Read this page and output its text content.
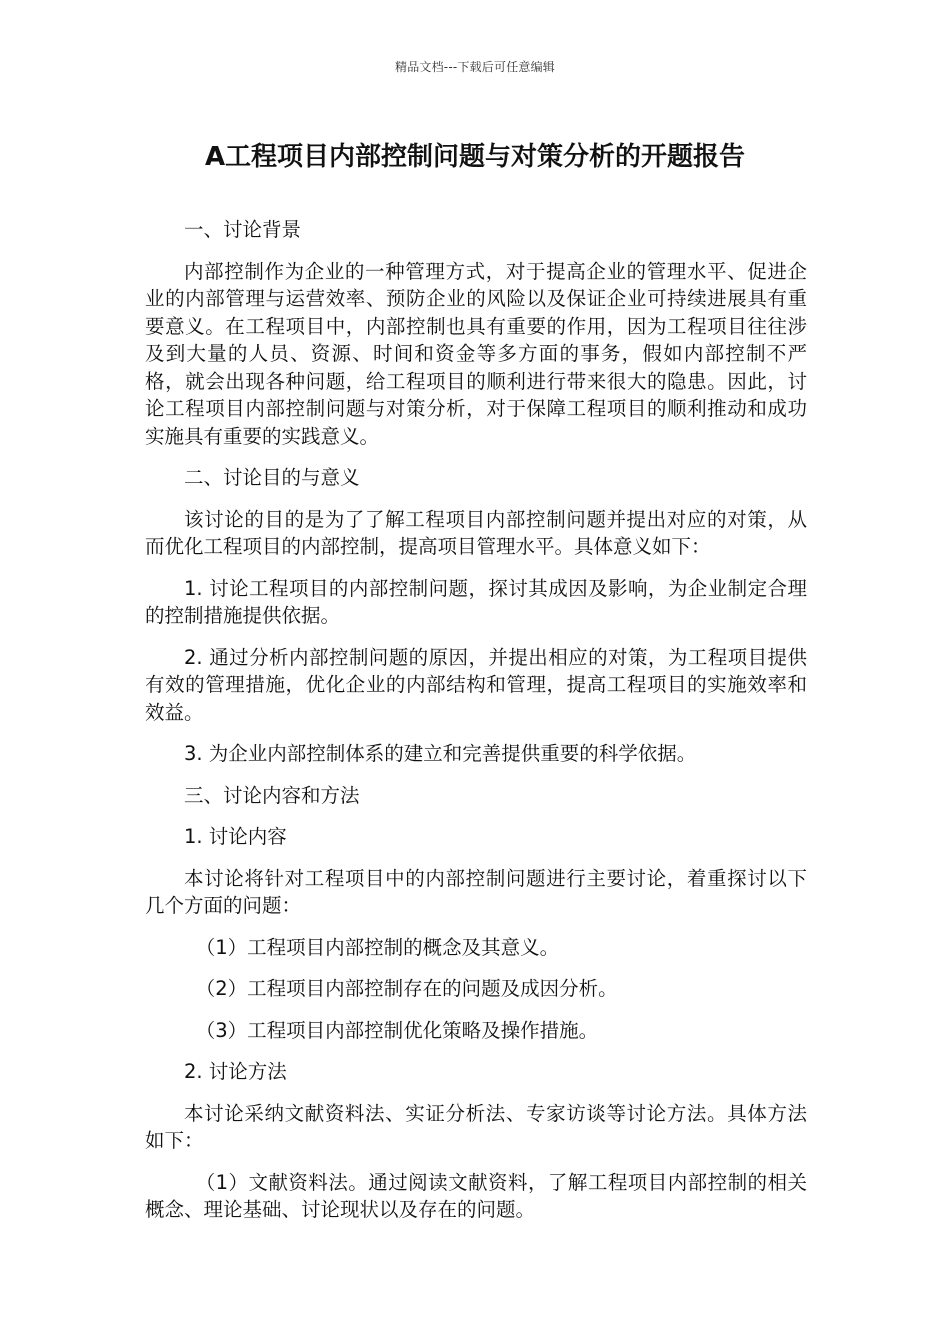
精品文档---下载后可任意编辑
A工程项目内部控制问题与对策分析的开题报告

一、讨论背景

内部控制作为企业的一种管理方式，对于提高企业的管理水平、促进企业的内部管理与运营效率、预防企业的风险以及保证企业可持续进展具有重要意义。在工程项目中，内部控制也具有重要的作用，因为工程项目往往涉及到大量的人员、资源、时间和资金等多方面的事务，假如内部控制不严格，就会出现各种问题，给工程项目的顺利进行带来很大的隐患。因此，讨论工程项目内部控制问题与对策分析，对于保障工程项目的顺利推动和成功实施具有重要的实践意义。

二、讨论目的与意义

该讨论的目的是为了了解工程项目内部控制问题并提出对应的对策，从而优化工程项目的内部控制，提高项目管理水平。具体意义如下：

1. 讨论工程项目的内部控制问题，探讨其成因及影响，为企业制定合理的控制措施提供依据。

2. 通过分析内部控制问题的原因，并提出相应的对策，为工程项目提供有效的管理措施，优化企业的内部结构和管理，提高工程项目的实施效率和效益。

3. 为企业内部控制体系的建立和完善提供重要的科学依据。

三、讨论内容和方法

1. 讨论内容

本讨论将针对工程项目中的内部控制问题进行主要讨论，着重探讨以下几个方面的问题：

（1）工程项目内部控制的概念及其意义。

（2）工程项目内部控制存在的问题及成因分析。

（3）工程项目内部控制优化策略及操作措施。

2. 讨论方法

本讨论采纳文献资料法、实证分析法、专家访谈等讨论方法。具体方法如下：

（1）文献资料法。通过阅读文献资料，了解工程项目内部控制的相关概念、理论基础、讨论现状以及存在的问题。
